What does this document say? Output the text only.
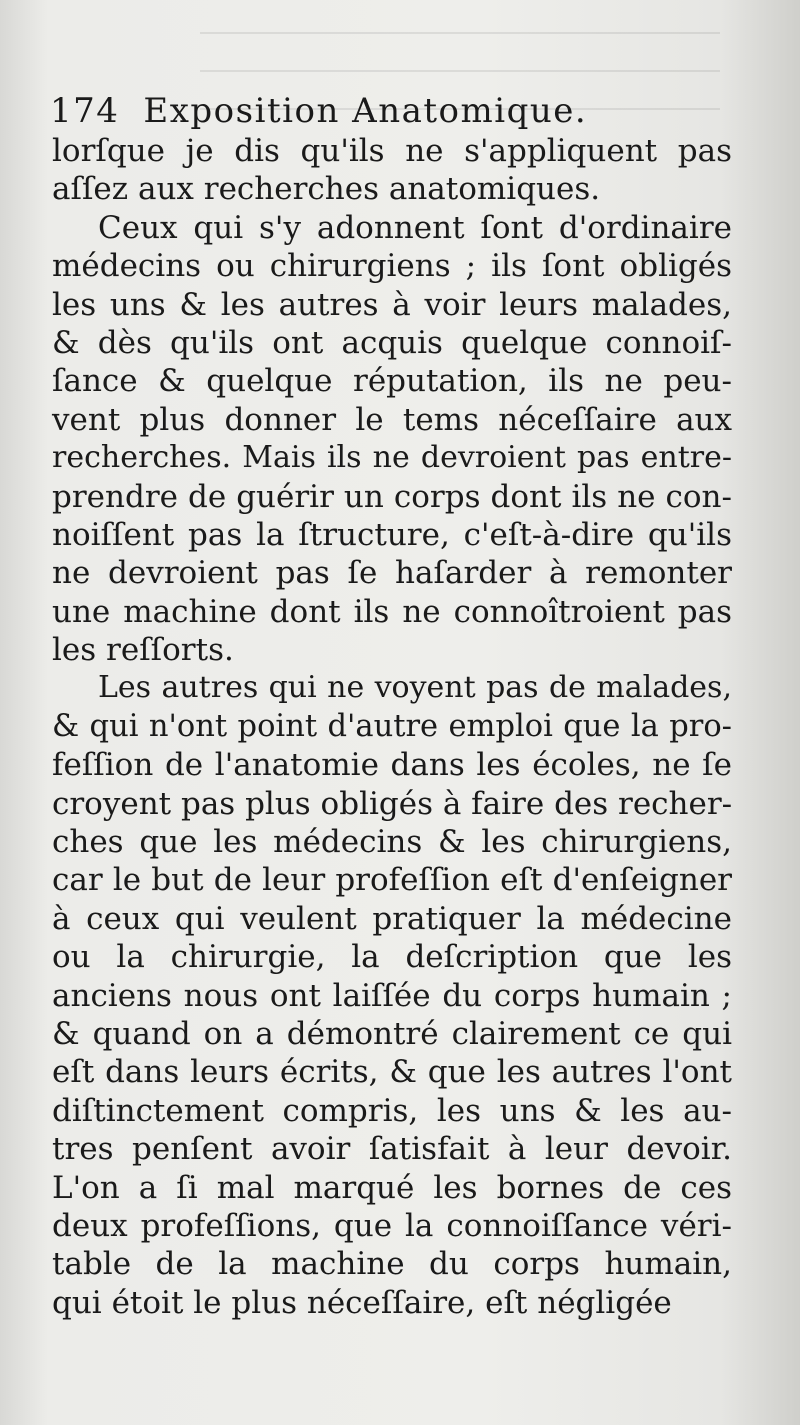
174 Exposition Anatomique.
lorſque je dis qu'ils ne s'appliquent pas
aſſez aux recherches anatomiques.
Ceux qui s'y adonnent ſont d'ordinaire
médecins ou chirurgiens ; ils ſont obligés
les uns & les autres à voir leurs malades,
& dès qu'ils ont acquis quelque connoiſ-
ſance & quelque réputation, ils ne peu-
vent plus donner le tems néceſſaire aux
recherches. Mais ils ne devroient pas entre-
prendre de guérir un corps dont ils ne con-
noiſſent pas la ſtructure, c'eſt-à-dire qu'ils
ne devroient pas ſe haſarder à remonter
une machine dont ils ne connoîtroient pas
les reſſorts.
Les autres qui ne voyent pas de malades,
& qui n'ont point d'autre emploi que la pro-
feſſion de l'anatomie dans les écoles, ne ſe
croyent pas plus obligés à faire des recher-
ches que les médecins & les chirurgiens,
car le but de leur profeſſion eſt d'enſeigner
à ceux qui veulent pratiquer la médecine
ou la chirurgie, la deſcription que les
anciens nous ont laiſſée du corps humain ;
& quand on a démontré clairement ce qui
eſt dans leurs écrits, & que les autres l'ont
diſtinctement compris, les uns & les au-
tres penſent avoir ſatisfait à leur devoir.
L'on a ſi mal marqué les bornes de ces
deux profeſſions, que la connoiſſance véri-
table de la machine du corps humain,
qui étoit le plus néceſſaire, eſt négligée
